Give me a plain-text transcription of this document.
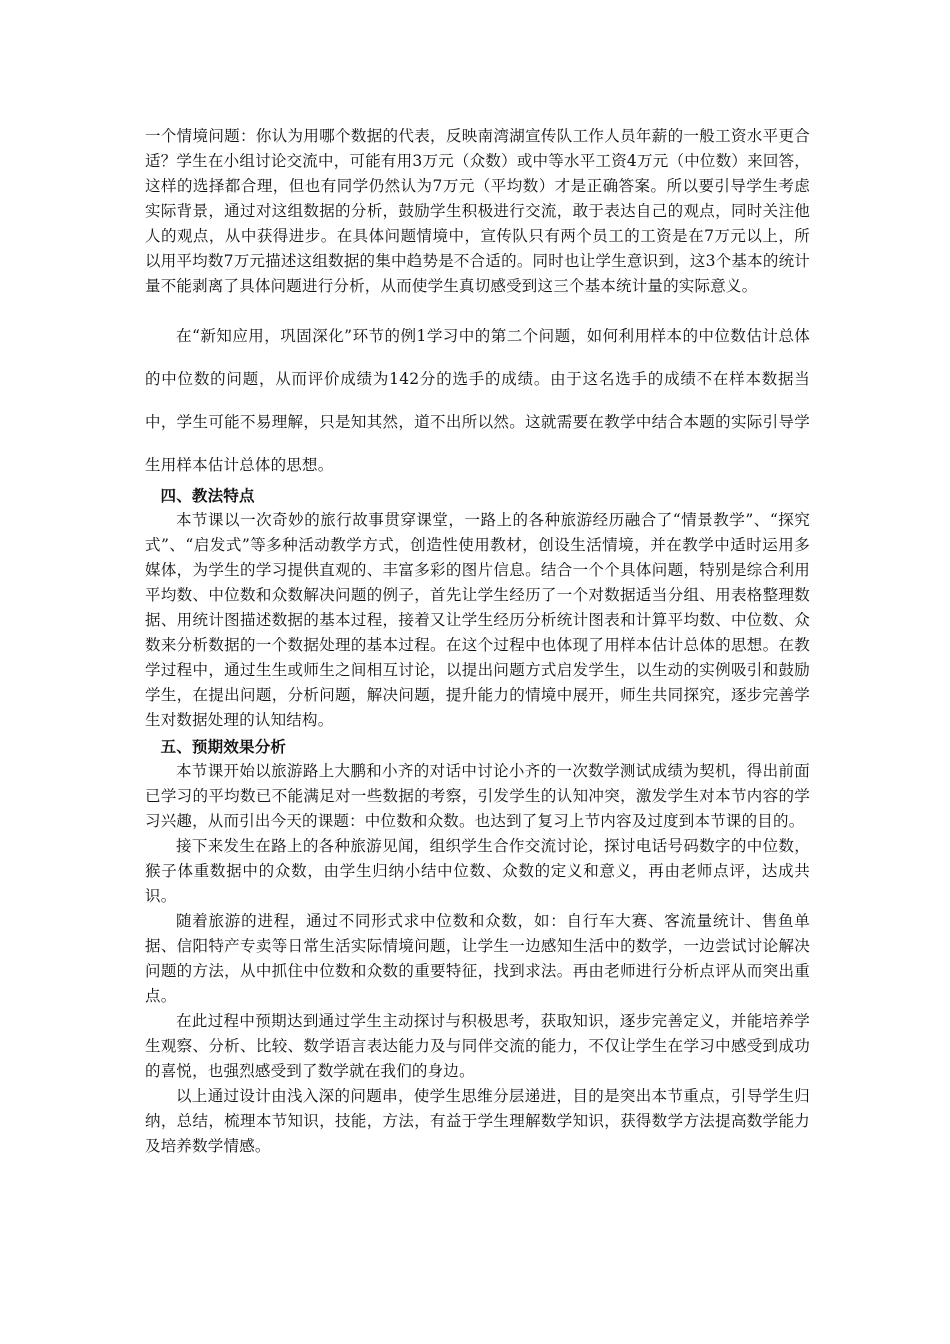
一个情境问题：你认为用哪个数据的代表，反映南湾湖宣传队工作人员年薪的一般工资水平更合适？学生在小组讨论交流中，可能有用3万元（众数）或中等水平工资4万元（中位数）来回答，这样的选择都合理，但也有同学仍然认为7万元（平均数）才是正确答案。所以要引导学生考虑实际背景，通过对这组数据的分析，鼓励学生积极进行交流，敢于表达自己的观点，同时关注他人的观点，从中获得进步。在具体问题情境中，宣传队只有两个员工的工资是在7万元以上，所以用平均数7万元描述这组数据的集中趋势是不合适的。同时也让学生意识到，这3个基本的统计量不能剥离了具体问题进行分析，从而使学生真切感受到这三个基本统计量的实际意义。

在“新知应用，巩固深化”环节的例1学习中的第二个问题，如何利用样本的中位数估计总体的中位数的问题，从而评价成绩为142分的选手的成绩。由于这名选手的成绩不在样本数据当中，学生可能不易理解，只是知其然，道不出所以然。这就需要在教学中结合本题的实际引导学生用样本估计总体的思想。

四、教法特点

本节课以一次奇妙的旅行故事贯穿课堂，一路上的各种旅游经历融合了“情景教学”、“探究式”、“启发式”等多种活动教学方式，创造性使用教材，创设生活情境，并在教学中适时运用多媒体，为学生的学习提供直观的、丰富多彩的图片信息。结合一个个具体问题，特别是综合利用平均数、中位数和众数解决问题的例子，首先让学生经历了一个对数据适当分组、用表格整理数据、用统计图描述数据的基本过程，接着又让学生经历分析统计图表和计算平均数、中位数、众数来分析数据的一个数据处理的基本过程。在这个过程中也体现了用样本估计总体的思想。在教学过程中，通过生生或师生之间相互讨论，以提出问题方式启发学生，以生动的实例吸引和鼓励学生，在提出问题，分析问题，解决问题，提升能力的情境中展开，师生共同探究，逐步完善学生对数据处理的认知结构。

五、预期效果分析

本节课开始以旅游路上大鹏和小齐的对话中讨论小齐的一次数学测试成绩为契机，得出前面已学习的平均数已不能满足对一些数据的考察，引发学生的认知冲突，激发学生对本节内容的学习兴趣，从而引出今天的课题：中位数和众数。也达到了复习上节内容及过度到本节课的目的。

接下来发生在路上的各种旅游见闻，组织学生合作交流讨论，探讨电话号码数字的中位数，猴子体重数据中的众数，由学生归纳小结中位数、众数的定义和意义，再由老师点评，达成共识。

随着旅游的进程，通过不同形式求中位数和众数，如：自行车大赛、客流量统计、售鱼单据、信阳特产专卖等日常生活实际情境问题，让学生一边感知生活中的数学，一边尝试讨论解决问题的方法，从中抓住中位数和众数的重要特征，找到求法。再由老师进行分析点评从而突出重点。

在此过程中预期达到通过学生主动探讨与积极思考，获取知识，逐步完善定义，并能培养学生观察、分析、比较、数学语言表达能力及与同伴交流的能力，不仅让学生在学习中感受到成功的喜悦，也强烈感受到了数学就在我们的身边。

以上通过设计由浅入深的问题串，使学生思维分层递进，目的是突出本节重点，引导学生归纳，总结，梳理本节知识，技能，方法，有益于学生理解数学知识，获得数学方法提高数学能力及培养数学情感。
